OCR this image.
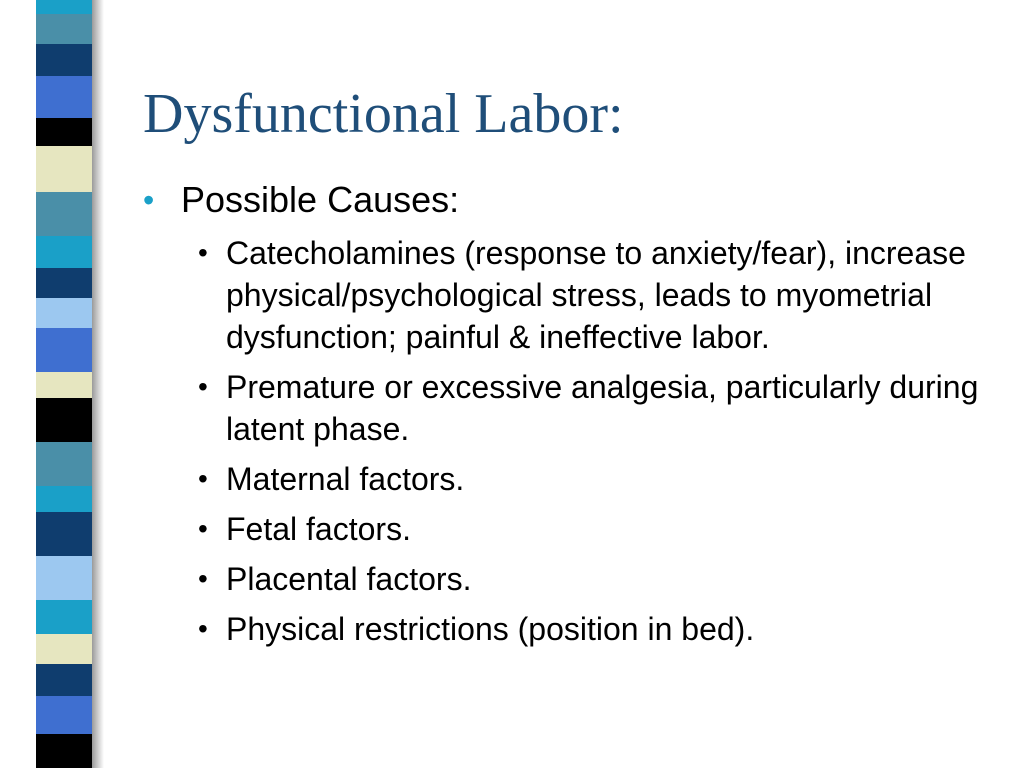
Dysfunctional Labor:
• Possible Causes:
• Catecholamines (response to anxiety/fear), increase physical/psychological stress, leads to myometrial dysfunction; painful & ineffective labor.
• Premature or excessive analgesia, particularly during latent phase.
• Maternal factors.
• Fetal factors.
• Placental factors.
• Physical restrictions (position in bed).
